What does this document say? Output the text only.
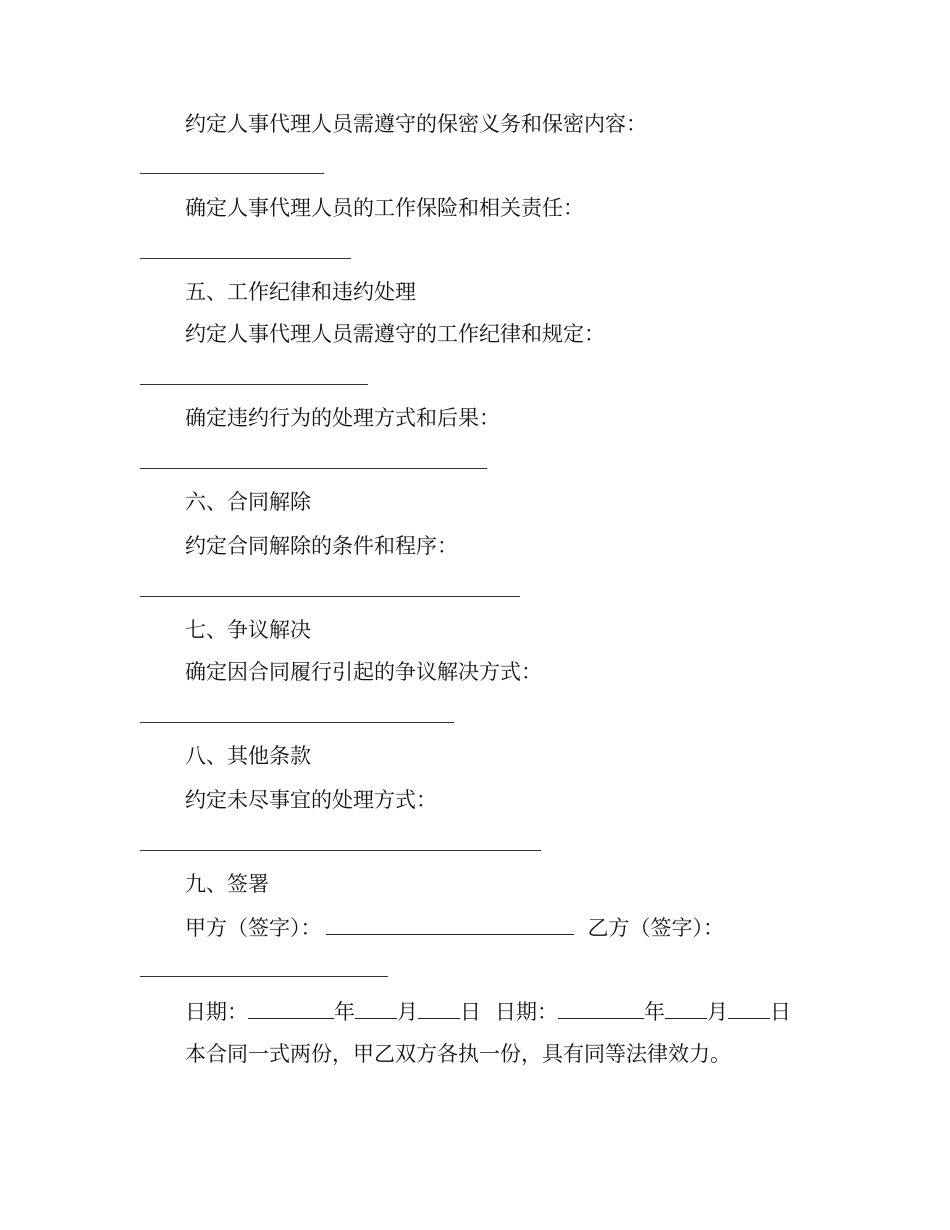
约定人事代理人员需遵守的保密义务和保密内容：
确定人事代理人员的工作保险和相关责任：
五、工作纪律和违约处理
约定人事代理人员需遵守的工作纪律和规定：
确定违约行为的处理方式和后果：
六、合同解除
约定合同解除的条件和程序：
七、争议解决
确定因合同履行引起的争议解决方式：
八、其他条款
约定未尽事宜的处理方式：
九、签署
甲方（签字）：	乙方（签字）：
日期：	年 月 日 日期：	年 月 日
本合同一式两份，甲乙双方各执一份，具有同等法律效力。
